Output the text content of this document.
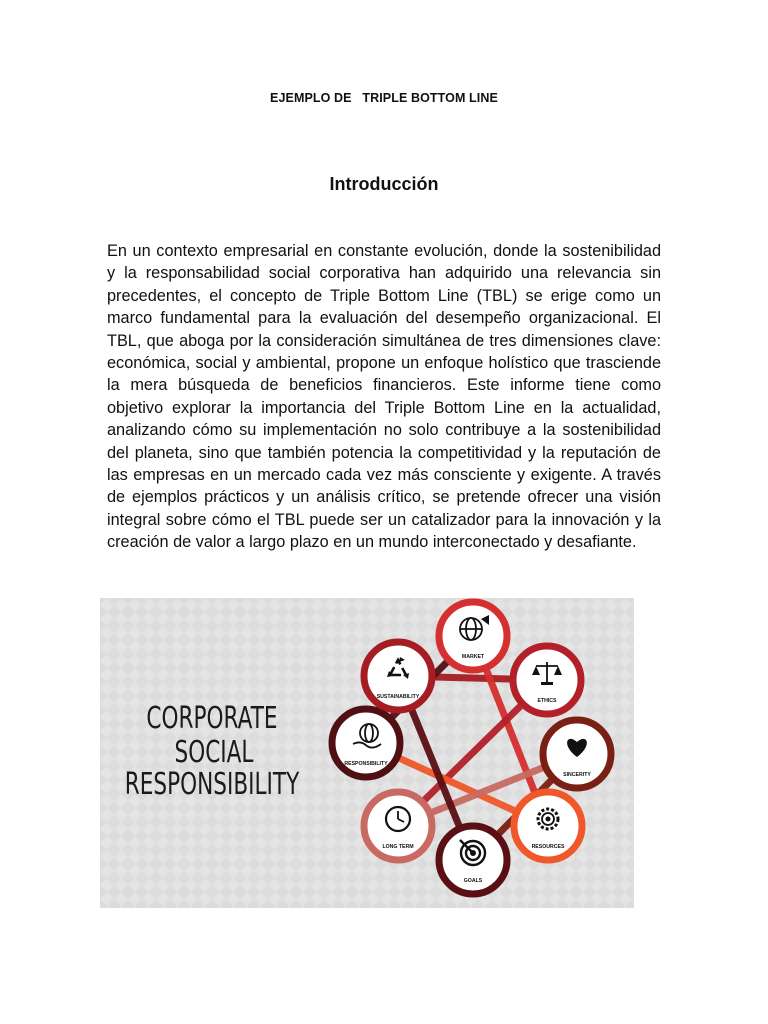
EJEMPLO DE   TRIPLE BOTTOM LINE
Introducción

En un contexto empresarial en constante evolución, donde la sostenibilidad y la responsabilidad social corporativa han adquirido una relevancia sin precedentes, el concepto de Triple Bottom Line (TBL) se erige como un marco fundamental para la evaluación del desempeño organizacional. El TBL, que aboga por la consideración simultánea de tres dimensiones clave: económica, social y ambiental, propone un enfoque holístico que trasciende la mera búsqueda de beneficios financieros. Este informe tiene como objetivo explorar la importancia del Triple Bottom Line en la actualidad, analizando cómo su implementación no solo contribuye a la sostenibilidad del planeta, sino que también potencia la competitividad y la reputación de las empresas en un mercado cada vez más consciente y exigente. A través de ejemplos prácticos y un análisis crítico, se pretende ofrecer una visión integral sobre cómo el TBL puede ser un catalizador para la innovación y la creación de valor a largo plazo en un mundo interconectado y desafiante.

CORPORATE
SOCIAL
RESPONSIBILITY
MARKET
ETHICS
SINCERITY
RESOURCES
GOALS
LONG TERM
RESPONSIBILITY
SUSTAINABILITY
